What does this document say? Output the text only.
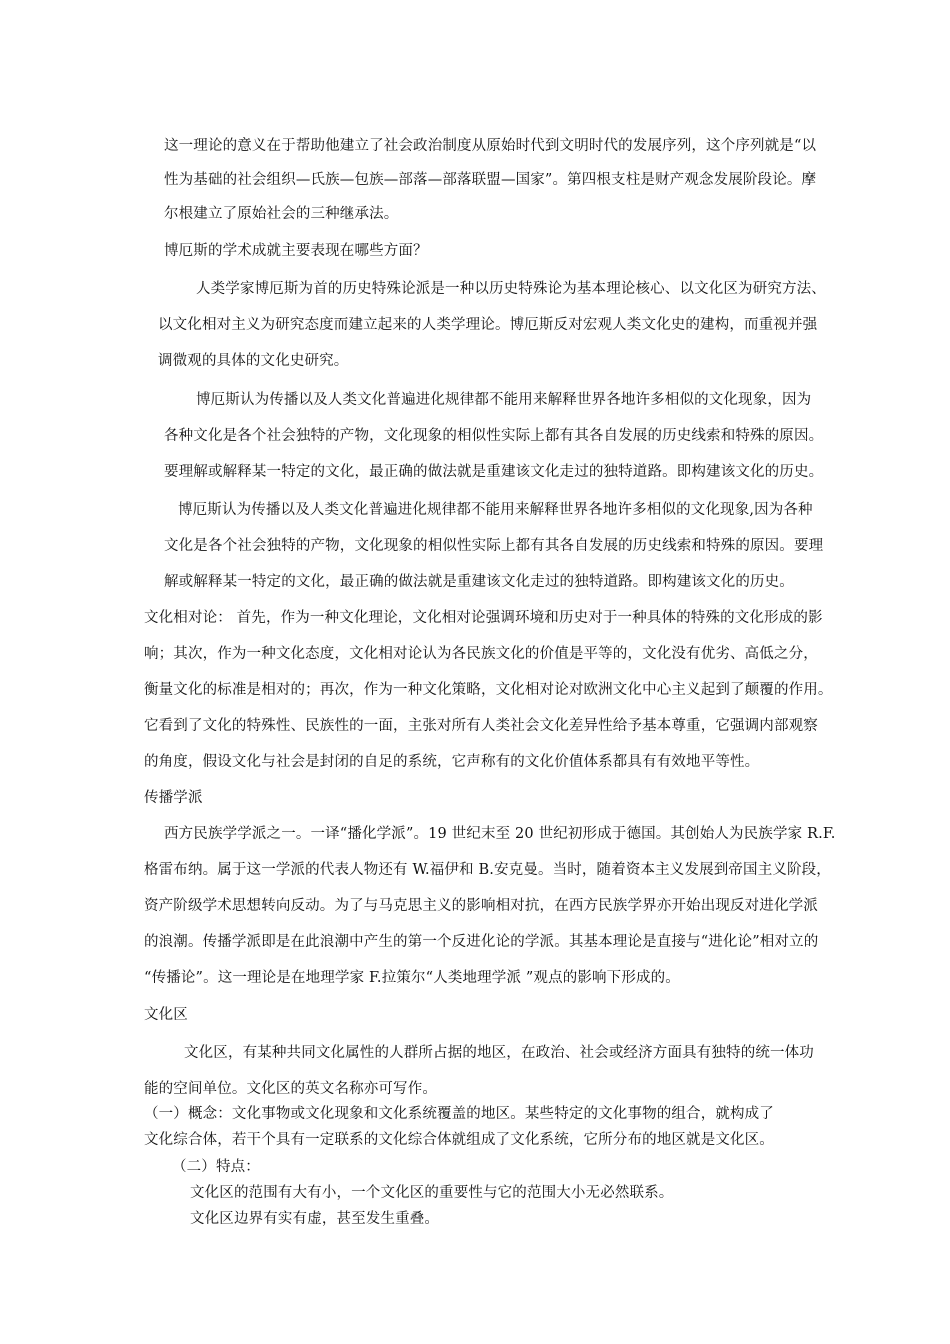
这一理论的意义在于帮助他建立了社会政治制度从原始时代到文明时代的发展序列，这个序列就是“以
性为基础的社会组织—氏族—包族—部落—部落联盟—国家”。第四根支柱是财产观念发展阶段论。摩
尔根建立了原始社会的三种继承法。
博厄斯的学术成就主要表现在哪些方面？
人类学家博厄斯为首的历史特殊论派是一种以历史特殊论为基本理论核心、以文化区为研究方法、
以文化相对主义为研究态度而建立起来的人类学理论。博厄斯反对宏观人类文化史的建构，而重视并强
调微观的具体的文化史研究。
博厄斯认为传播以及人类文化普遍进化规律都不能用来解释世界各地许多相似的文化现象，因为
各种文化是各个社会独特的产物，文化现象的相似性实际上都有其各自发展的历史线索和特殊的原因。
要理解或解释某一特定的文化，最正确的做法就是重建该文化走过的独特道路。即构建该文化的历史。
博厄斯认为传播以及人类文化普遍进化规律都不能用来解释世界各地许多相似的文化现象,因为各种
文化是各个社会独特的产物，文化现象的相似性实际上都有其各自发展的历史线索和特殊的原因。要理
解或解释某一特定的文化，最正确的做法就是重建该文化走过的独特道路。即构建该文化的历史。
文化相对论： 首先，作为一种文化理论，文化相对论强调环境和历史对于一种具体的特殊的文化形成的影
响；其次，作为一种文化态度，文化相对论认为各民族文化的价值是平等的，文化没有优劣、高低之分，
衡量文化的标准是相对的；再次，作为一种文化策略，文化相对论对欧洲文化中心主义起到了颠覆的作用。
它看到了文化的特殊性、民族性的一面，主张对所有人类社会文化差异性给予基本尊重，它强调内部观察
的角度，假设文化与社会是封闭的自足的系统，它声称有的文化价值体系都具有有效地平等性。
传播学派
西方民族学学派之一。一译“播化学派”。19 世纪末至 20 世纪初形成于德国。其创始人为民族学家 R.F.
格雷布纳。属于这一学派的代表人物还有 W.福伊和 B.安克曼。当时，随着资本主义发展到帝国主义阶段，
资产阶级学术思想转向反动。为了与马克思主义的影响相对抗，在西方民族学界亦开始出现反对进化学派
的浪潮。传播学派即是在此浪潮中产生的第一个反进化论的学派。其基本理论是直接与“进化论”相对立的
“传播论”。这一理论是在地理学家 F.拉策尔“人类地理学派 ”观点的影响下形成的。
文化区
文化区，有某种共同文化属性的人群所占据的地区，在政治、社会或经济方面具有独特的统一体功
能的空间单位。文化区的英文名称亦可写作。
（一）概念：文化事物或文化现象和文化系统覆盖的地区。某些特定的文化事物的组合，就构成了
文化综合体，若干个具有一定联系的文化综合体就组成了文化系统，它所分布的地区就是文化区。
（二）特点：
文化区的范围有大有小，一个文化区的重要性与它的范围大小无必然联系。
文化区边界有实有虚，甚至发生重叠。
